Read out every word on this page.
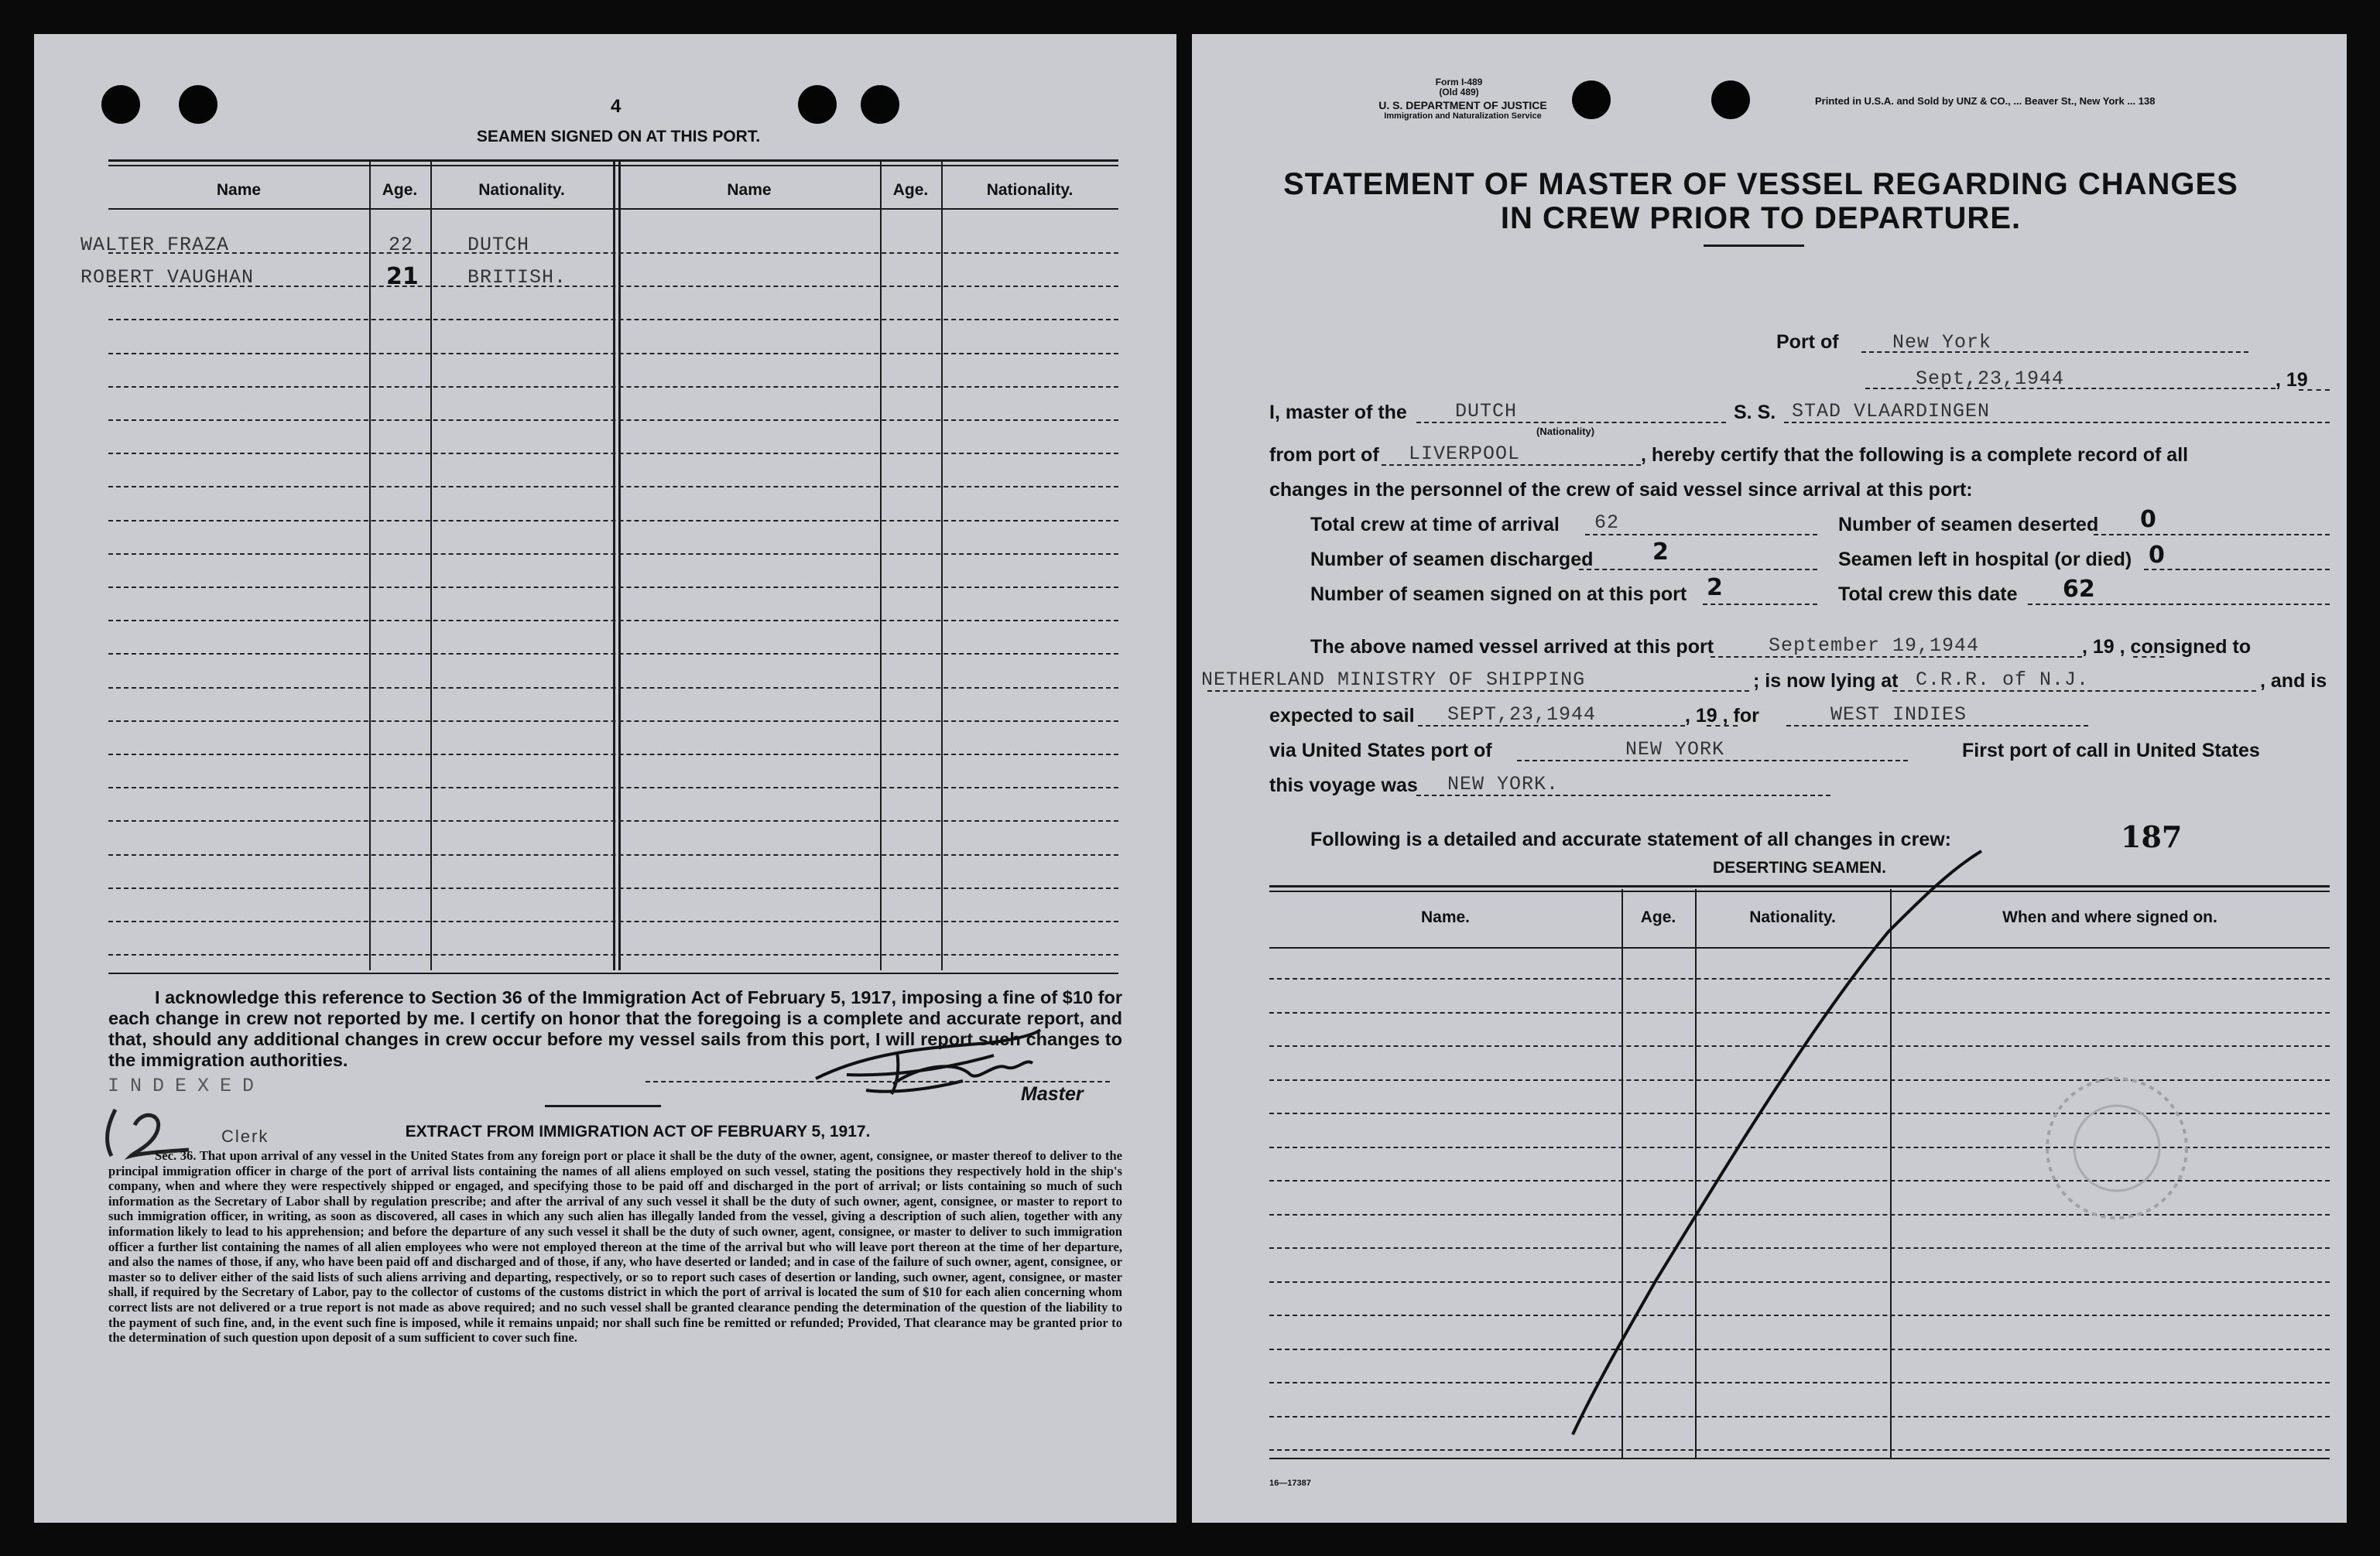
4
SEAMEN SIGNED ON AT THIS PORT.
Name	Age.	Nationality.	Name	Age.	Nationality.
WALTER FRAZA	22	DUTCH
ROBERT VAUGHAN	21	BRITISH.
I acknowledge this reference to Section 36 of the Immigration Act of February 5, 1917, imposing a fine of $10 for each change in crew not reported by me. I certify on honor that the foregoing is a complete and accurate report, and that, should any additional changes in crew occur before my vessel sails from this port, I will report such changes to the immigration authorities.
Master
INDEXED
Clerk	EXTRACT FROM IMMIGRATION ACT OF FEBRUARY 5, 1917.
Sec. 36. That upon arrival of any vessel in the United States from any foreign port or place it shall be the duty of the owner, agent, consignee, or master thereof to deliver to the principal immigration officer in charge of the port of arrival lists containing the names of all aliens employed on such vessel, stating the positions they respectively hold in the ship's company, when and where they were respectively shipped or engaged, and specifying those to be paid off and discharged in the port of arrival; or lists containing so much of such information as the Secretary of Labor shall by regulation prescribe; and after the arrival of any such vessel it shall be the duty of such owner, agent, consignee, or master to report to such immigration officer, in writing, as soon as discovered, all cases in which any such alien has illegally landed from the vessel, giving a description of such alien, together with any information likely to lead to his apprehension; and before the departure of any such vessel it shall be the duty of such owner, agent, consignee, or master to deliver to such immigration officer a further list containing the names of all alien employees who were not employed thereon at the time of the arrival but who will leave port thereon at the time of her departure, and also the names of those, if any, who have been paid off and discharged and of those, if any, who have deserted or landed; and in case of the failure of such owner, agent, consignee, or master so to deliver either of the said lists of such aliens arriving and departing, respectively, or so to report such cases of desertion or landing, such owner, agent, consignee, or master shall, if required by the Secretary of Labor, pay to the collector of customs of the customs district in which the port of arrival is located the sum of $10 for each alien concerning whom correct lists are not delivered or a true report is not made as above required; and no such vessel shall be granted clearance pending the determination of the question of the liability to the payment of such fine, and, in the event such fine is imposed, while it remains unpaid; nor shall such fine be remitted or refunded; Provided, That clearance may be granted prior to the determination of such question upon deposit of a sum sufficient to cover such fine.
Form I-489
(Old 489)
U. S. DEPARTMENT OF JUSTICE
Immigration and Naturalization Service
Printed in U.S.A. and Sold by UNZ & CO., ... Beaver St., New York ... 138
STATEMENT OF MASTER OF VESSEL REGARDING CHANGES
IN CREW PRIOR TO DEPARTURE.
Port of	New York
Sept,23,1944	, 19
I, master of the DUTCH
(Nationality)
S. S. STAD VLAARDINGEN
from port of LIVERPOOL	, hereby certify that the following is a complete record of all
changes in the personnel of the crew of said vessel since arrival at this port:
Total crew at time of arrival 62	Number of seamen deserted 0
Number of seamen discharged	2	Seamen left in hospital (or died) 0
Number of seamen signed on at this port 2	Total crew this date 62
The above named vessel arrived at this port	September 19,1944	, 19 , consigned to
NETHERLAND MINISTRY OF SHIPPING	; is now lying at C.R.R. of N.J.	, and is
expected to sail SEPT,23,1944	, 19 , for	WEST INDIES
via United States port of	NEW YORK	First port of call in United States
this voyage was NEW YORK.
Following is a detailed and accurate statement of all changes in crew:	187
DESERTING SEAMEN.
Name.	Age.	Nationality.	When and where signed on.
16—17387
